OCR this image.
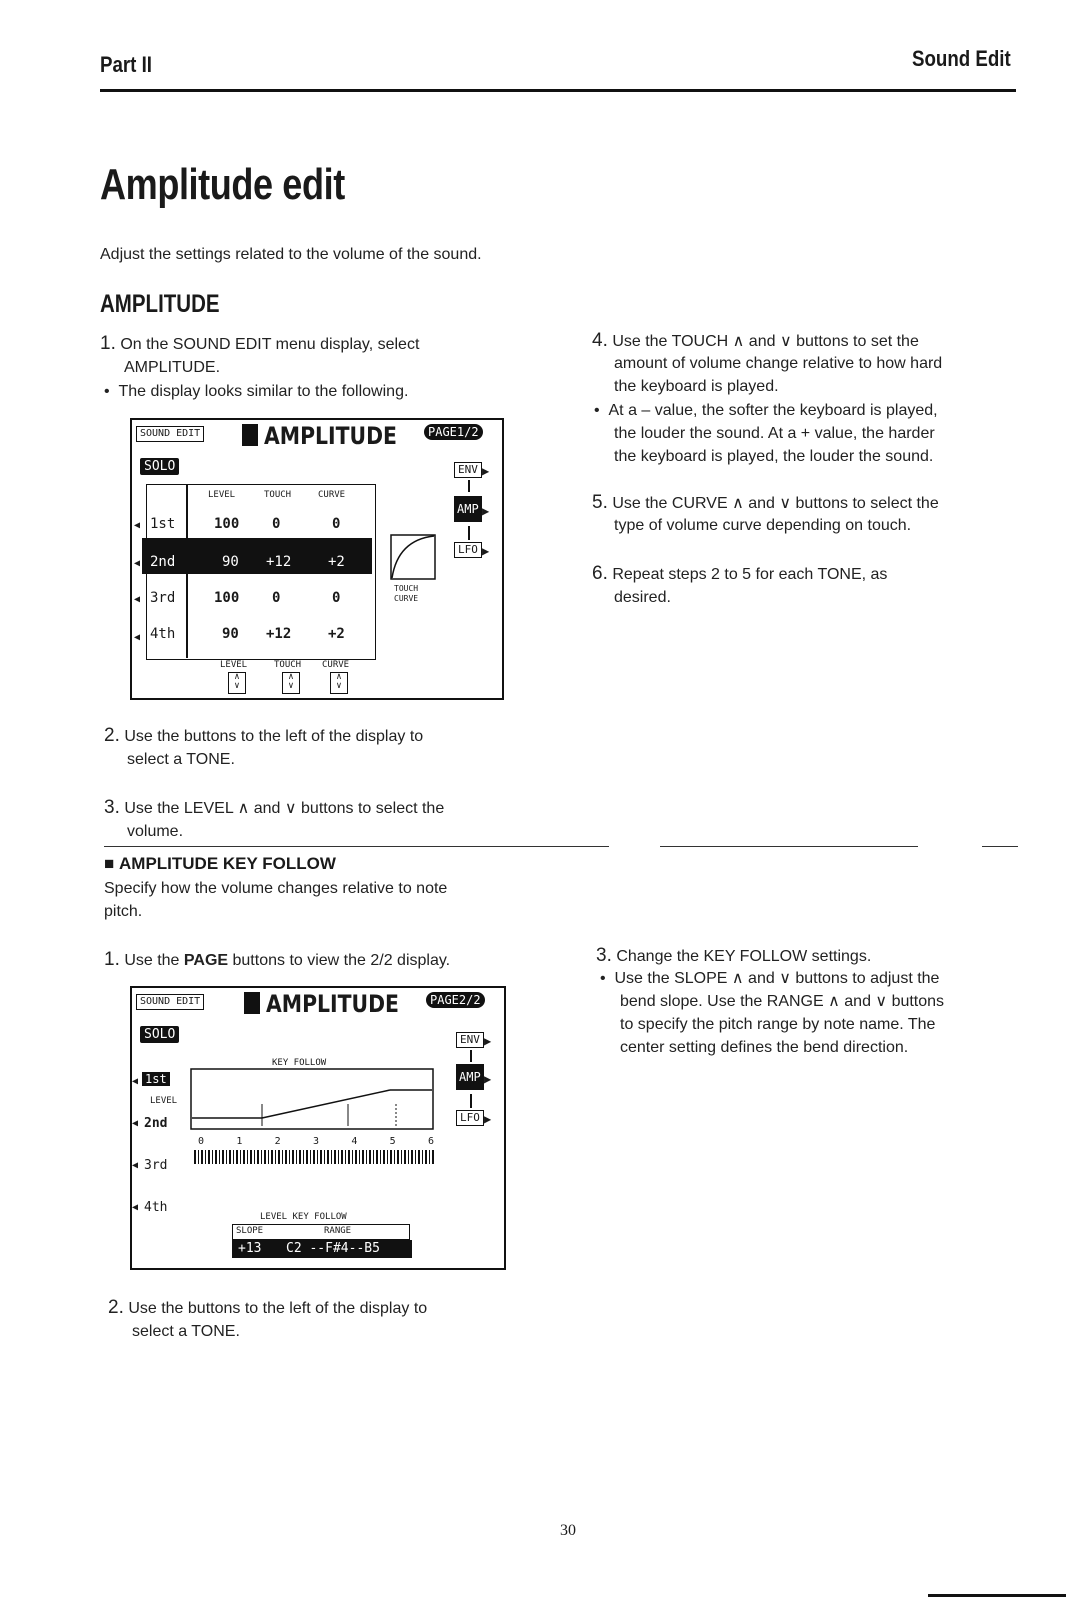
Part II	Sound Edit
Amplitude edit
Adjust the settings related to the volume of the sound.
AMPLITUDE
1. On the SOUND EDIT menu display, select
AMPLITUDE.
•  The display looks similar to the following.
SOUND EDIT	AMPLITUDE	PAGE1/2
SOLO	ENV ▶
AMP ▶
LFO ▶
LEVEL	TOUCH	CURVE
1st	100 0	0
2nd	90 +12	+2
3rd	100 0	0
4th	90 +12	+2
◀
◀
◀
◀
TOUCH CURVE
LEVEL	TOUCH CURVE
∧
∨
∧
∨
∧
∨
2. Use the buttons to the left of the display to
select a TONE.
3. Use the LEVEL ∧ and ∨ buttons to select the
volume.
4. Use the TOUCH ∧ and ∨ buttons to set the
amount of volume change relative to how hard
the keyboard is played.
•  At a – value, the softer the keyboard is played,
the louder the sound. At a + value, the harder
the keyboard is played, the louder the sound.
5. Use the CURVE ∧ and ∨ buttons to select the
type of volume curve depending on touch.
6. Repeat steps 2 to 5 for each TONE, as
desired.
■ AMPLITUDE KEY FOLLOW
Specify how the volume changes relative to note
pitch.
1. Use the PAGE buttons to view the 2/2 display.
SOUND EDIT	AMPLITUDE	PAGE2/2
SOLO	ENV ▶
AMP ▶
LFO ▶
KEY FOLLOW
LEVEL
1st
2nd
3rd
4th
◀
◀
◀
◀
0	1	2	3	4	5	6
LEVEL KEY FOLLOW
SLOPE	RANGE
+13 C2 --F#4--B5
2. Use the buttons to the left of the display to
select a TONE.
3. Change the KEY FOLLOW settings.
•  Use the SLOPE ∧ and ∨ buttons to adjust the
bend slope. Use the RANGE ∧ and ∨ buttons
to specify the pitch range by note name. The
center setting defines the bend direction.
30
